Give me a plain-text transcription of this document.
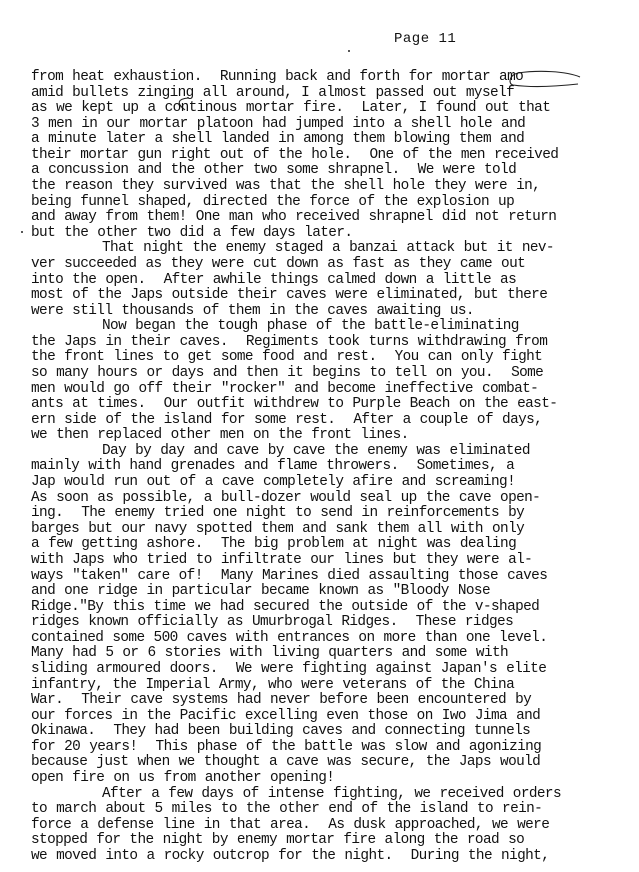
Page 11
from heat exhaustion.  Running back and forth for mortar amo
amid bullets zinging all around, I almost passed out myself
as we kept up a continous mortar fire.  Later, I found out that
3 men in our mortar platoon had jumped into a shell hole and
a minute later a shell landed in among them blowing them and
their mortar gun right out of the hole.  One of the men received
a concussion and the other two some shrapnel.  We were told
the reason they survived was that the shell hole they were in,
being funnel shaped, directed the force of the explosion up
and away from them! One man who received shrapnel did not return
but the other two did a few days later.
That night the enemy staged a banzai attack but it nev-
ver succeeded as they were cut down as fast as they came out
into the open.  After awhile things calmed down a little as
most of the Japs outside their caves were eliminated, but there
were still thousands of them in the caves awaiting us.
Now began the tough phase of the battle-eliminating
the Japs in their caves.  Regiments took turns withdrawing from
the front lines to get some food and rest.  You can only fight
so many hours or days and then it begins to tell on you.  Some
men would go off their "rocker" and become ineffective combat-
ants at times.  Our outfit withdrew to Purple Beach on the east-
ern side of the island for some rest.  After a couple of days,
we then replaced other men on the front lines.
Day by day and cave by cave the enemy was eliminated
mainly with hand grenades and flame throwers.  Sometimes, a
Jap would run out of a cave completely afire and screaming!
As soon as possible, a bull-dozer would seal up the cave open-
ing.  The enemy tried one night to send in reinforcements by
barges but our navy spotted them and sank them all with only
a few getting ashore.  The big problem at night was dealing
with Japs who tried to infiltrate our lines but they were al-
ways "taken" care of!  Many Marines died assaulting those caves
and one ridge in particular became known as "Bloody Nose
Ridge."By this time we had secured the outside of the v-shaped
ridges known officially as Umurbrogal Ridges.  These ridges
contained some 500 caves with entrances on more than one level.
Many had 5 or 6 stories with living quarters and some with
sliding armoured doors.  We were fighting against Japan's elite
infantry, the Imperial Army, who were veterans of the China
War.  Their cave systems had never before been encountered by
our forces in the Pacific excelling even those on Iwo Jima and
Okinawa.  They had been building caves and connecting tunnels
for 20 years!  This phase of the battle was slow and agonizing
because just when we thought a cave was secure, the Japs would
open fire on us from another opening!
After a few days of intense fighting, we received orders
to march about 5 miles to the other end of the island to rein-
force a defense line in that area.  As dusk approached, we were
stopped for the night by enemy mortar fire along the road so
we moved into a rocky outcrop for the night.  During the night,
